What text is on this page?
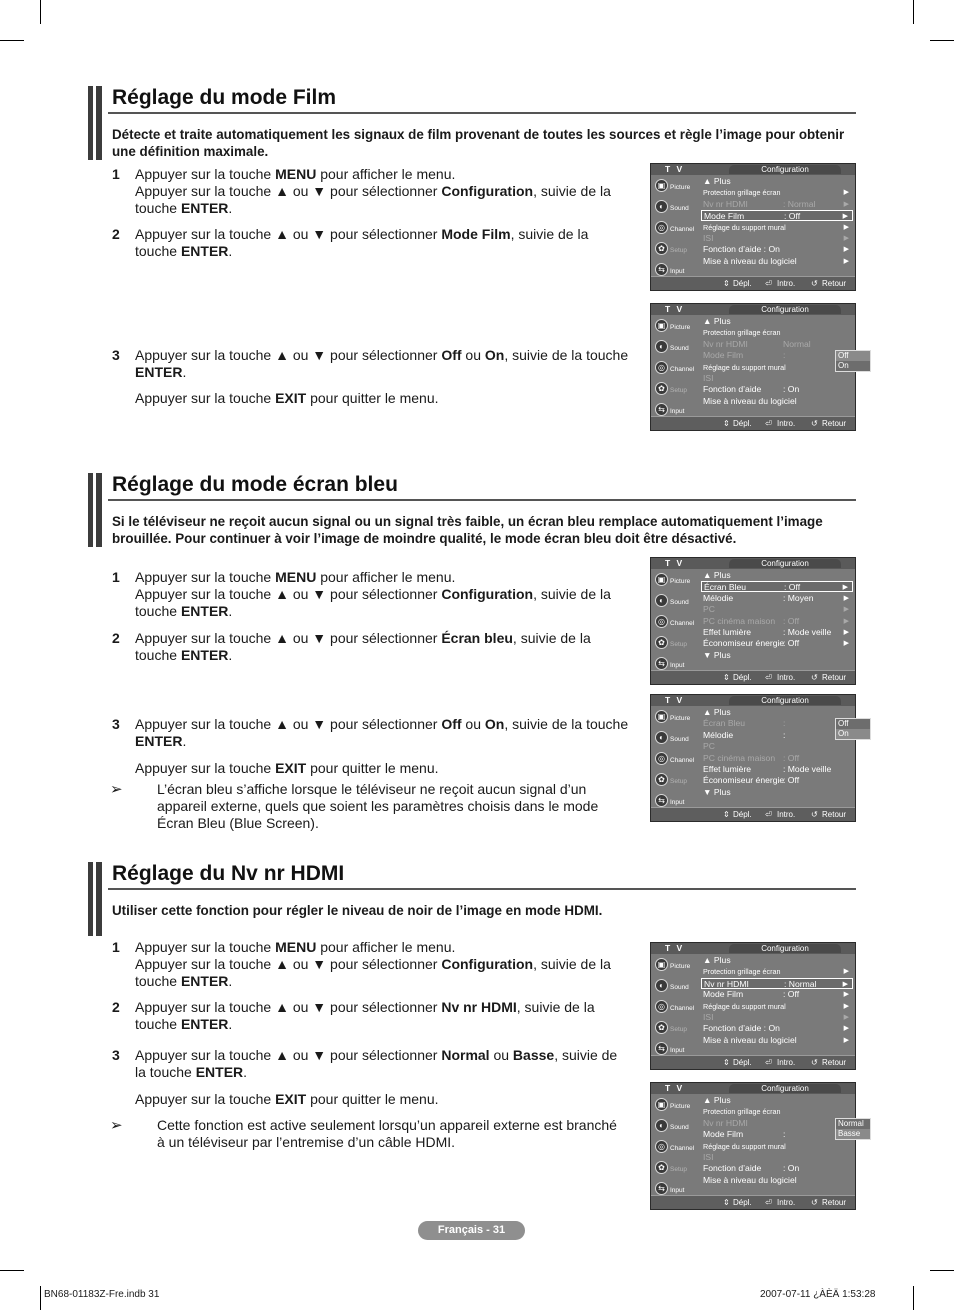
Réglage du mode Film
Détecte et traite automatiquement les signaux de film provenant de toutes les sources et règle l’image pour obtenir une définition maximale.
1 Appuyer sur la touche MENU pour afficher le menu.
Appuyer sur la touche ▲ ou ▼ pour sélectionner Configuration, suivie de la touche ENTER.
2 Appuyer sur la touche ▲ ou ▼ pour sélectionner Mode Film, suivie de la touche ENTER.
3 Appuyer sur la touche ▲ ou ▼ pour sélectionner Off ou On, suivie de la touche ENTER.
Appuyer sur la touche EXIT pour quitter le menu.
Réglage du mode écran bleu
Si le téléviseur ne reçoit aucun signal ou un signal très faible, un écran bleu remplace automatiquement l’image brouillée. Pour continuer à voir l’image de moindre qualité, le mode écran bleu doit être désactivé.
1 Appuyer sur la touche MENU pour afficher le menu.
Appuyer sur la touche ▲ ou ▼ pour sélectionner Configuration, suivie de la touche ENTER.
2 Appuyer sur la touche ▲ ou ▼ pour sélectionner Écran bleu, suivie de la touche ENTER.
3 Appuyer sur la touche ▲ ou ▼ pour sélectionner Off ou On, suivie de la touche ENTER.
Appuyer sur la touche EXIT pour quitter le menu.
➢ L’écran bleu s’affiche lorsque le téléviseur ne reçoit aucun signal d’un appareil externe, quels que soient les paramètres choisis dans le mode Écran Bleu (Blue Screen).
Réglage du Nv nr HDMI
Utiliser cette fonction pour régler le niveau de noir de l’image en mode HDMI.
1 Appuyer sur la touche MENU pour afficher le menu.
Appuyer sur la touche ▲ ou ▼ pour sélectionner Configuration, suivie de la touche ENTER.
2 Appuyer sur la touche ▲ ou ▼ pour sélectionner Nv nr HDMI, suivie de la touche ENTER.
3 Appuyer sur la touche ▲ ou ▼ pour sélectionner Normal ou Basse, suivie de la touche ENTER.
Appuyer sur la touche EXIT pour quitter le menu.
➢ Cette fonction est active seulement lorsqu’un appareil externe est branché à un téléviseur par l’entremise d’un câble HDMI.
T V	Configuration
▣ Picture
◐ Sound
◎ Channel
✿ Setup
⇆ Input
▲ Plus
Protection grillage écran	▶
Nv nr HDMI	: Normal	▶
Mode Film	: Off	▶
Réglage du support mural	▶
ISI	▶
Fonction d’aide : On	▶
Mise à niveau du logiciel	▶
⇕ Dépl. ⏎ Intro. ↺ Retour
T V	Configuration
▣ Picture
◐ Sound
◎ Channel
✿ Setup
⇆ Input
▲ Plus
Protection grillage écran
Nv nr HDMI	Normal
Mode Film	:
Réglage du support mural
ISI
Fonction d’aide	: On
Mise à niveau du logiciel
Off
On
⇕ Dépl. ⏎ Intro. ↺ Retour
T V	Configuration
▣ Picture
◐ Sound
◎ Channel
✿ Setup
⇆ Input
▲ Plus
Écran Bleu	: Off	▶
Mélodie	: Moyen	▶
PC	▶
PC cinéma maison : Off	▶
Effet lumière	: Mode veille ▶
Économiseur énergie
: Off	▶
▼ Plus
⇕ Dépl. ⏎ Intro. ↺ Retour
T V	Configuration
▣ Picture
◐ Sound
◎ Channel
✿ Setup
⇆ Input
▲ Plus
Écran Bleu	:
Mélodie	:
PC
PC cinéma maison : Off
Effet lumière	: Mode veille
Économiseur énergie
: Off
▼ Plus
Off
On
⇕ Dépl. ⏎ Intro. ↺ Retour
T V	Configuration
▣ Picture
◐ Sound
◎ Channel
✿ Setup
⇆ Input
▲ Plus
Protection grillage écran	▶
Nv nr HDMI	: Normal	▶
Mode Film	: Off	▶
Réglage du support mural	▶
ISI	▶
Fonction d’aide : On	▶
Mise à niveau du logiciel	▶
⇕ Dépl. ⏎ Intro. ↺ Retour
T V	Configuration
▣ Picture
◐ Sound
◎ Channel
✿ Setup
⇆ Input
▲ Plus
Protection grillage écran
Nv nr HDMI
Mode Film	:
Réglage du support mural
ISI
Fonction d’aide	: On
Mise à niveau du logiciel
Normal
Basse
⇕ Dépl. ⏎ Intro. ↺ Retour
Français - 31
BN68-01183Z-Fre.indb 31	2007-07-11 ¿ÀÈÄ 1:53:28
